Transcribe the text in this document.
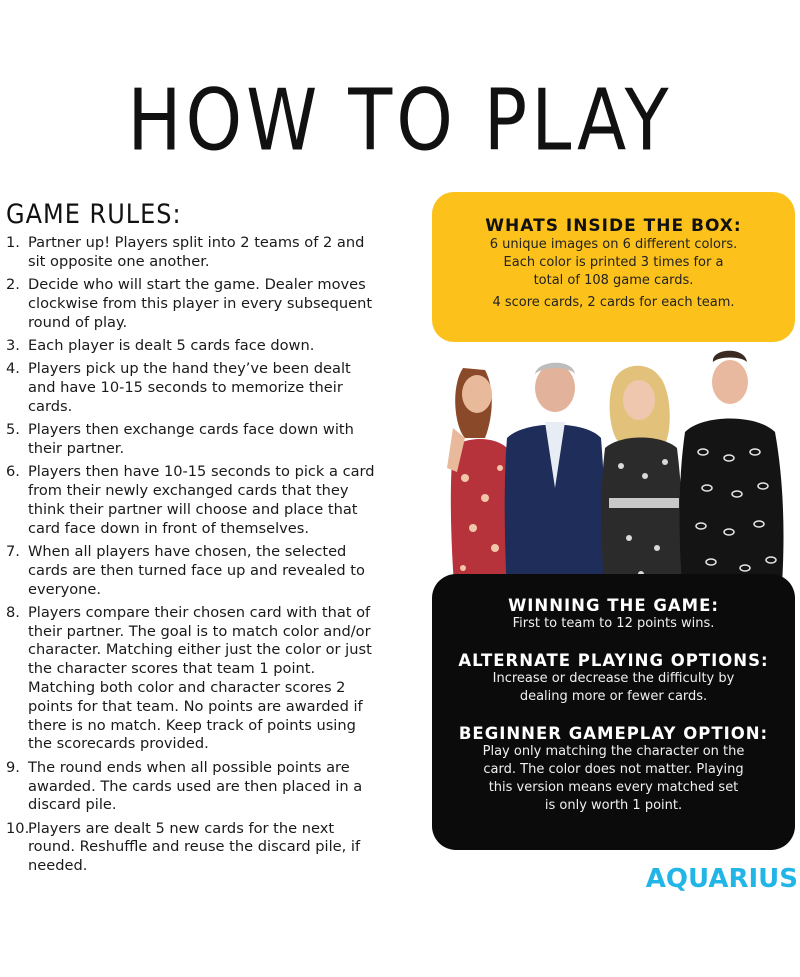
HOW TO PLAY
GAME RULES:
1. Partner up! Players split into 2 teams of 2 and sit opposite one another.
2. Decide who will start the game. Dealer moves clockwise from this player in every subsequent round of play.
3. Each player is dealt 5 cards face down.
4. Players pick up the hand they’ve been dealt and have 10-15 seconds to memorize their cards.
5. Players then exchange cards face down with their partner.
6. Players then have 10-15 seconds to pick a card from their newly exchanged cards that they think their partner will choose and place that card face down in front of themselves.
7. When all players have chosen, the selected cards are then turned face up and revealed to everyone.
8. Players compare their chosen card with that of their partner. The goal is to match color and/or character. Matching either just the color or just the character scores that team 1 point. Matching both color and character scores 2 points for that team. No points are awarded if there is no match. Keep track of points using the scorecards provided.
9. The round ends when all possible points are awarded. The cards used are then placed in a discard pile.
10.
Players are dealt 5 new cards for the next round. Reshuffle and reuse the discard pile, if needed.
WHATS INSIDE THE BOX:
6 unique images on 6 different colors.
Each color is printed 3 times for a
total of 108 game cards.
4 score cards, 2 cards for each team.
WINNING THE GAME:
First to team to 12 points wins.
ALTERNATE PLAYING OPTIONS:
Increase or decrease the difficulty by
dealing more or fewer cards.
BEGINNER GAMEPLAY OPTION:
Play only matching the character on the
card. The color does not matter. Playing
this version means every matched set
is only worth 1 point.
AQUARIUS
